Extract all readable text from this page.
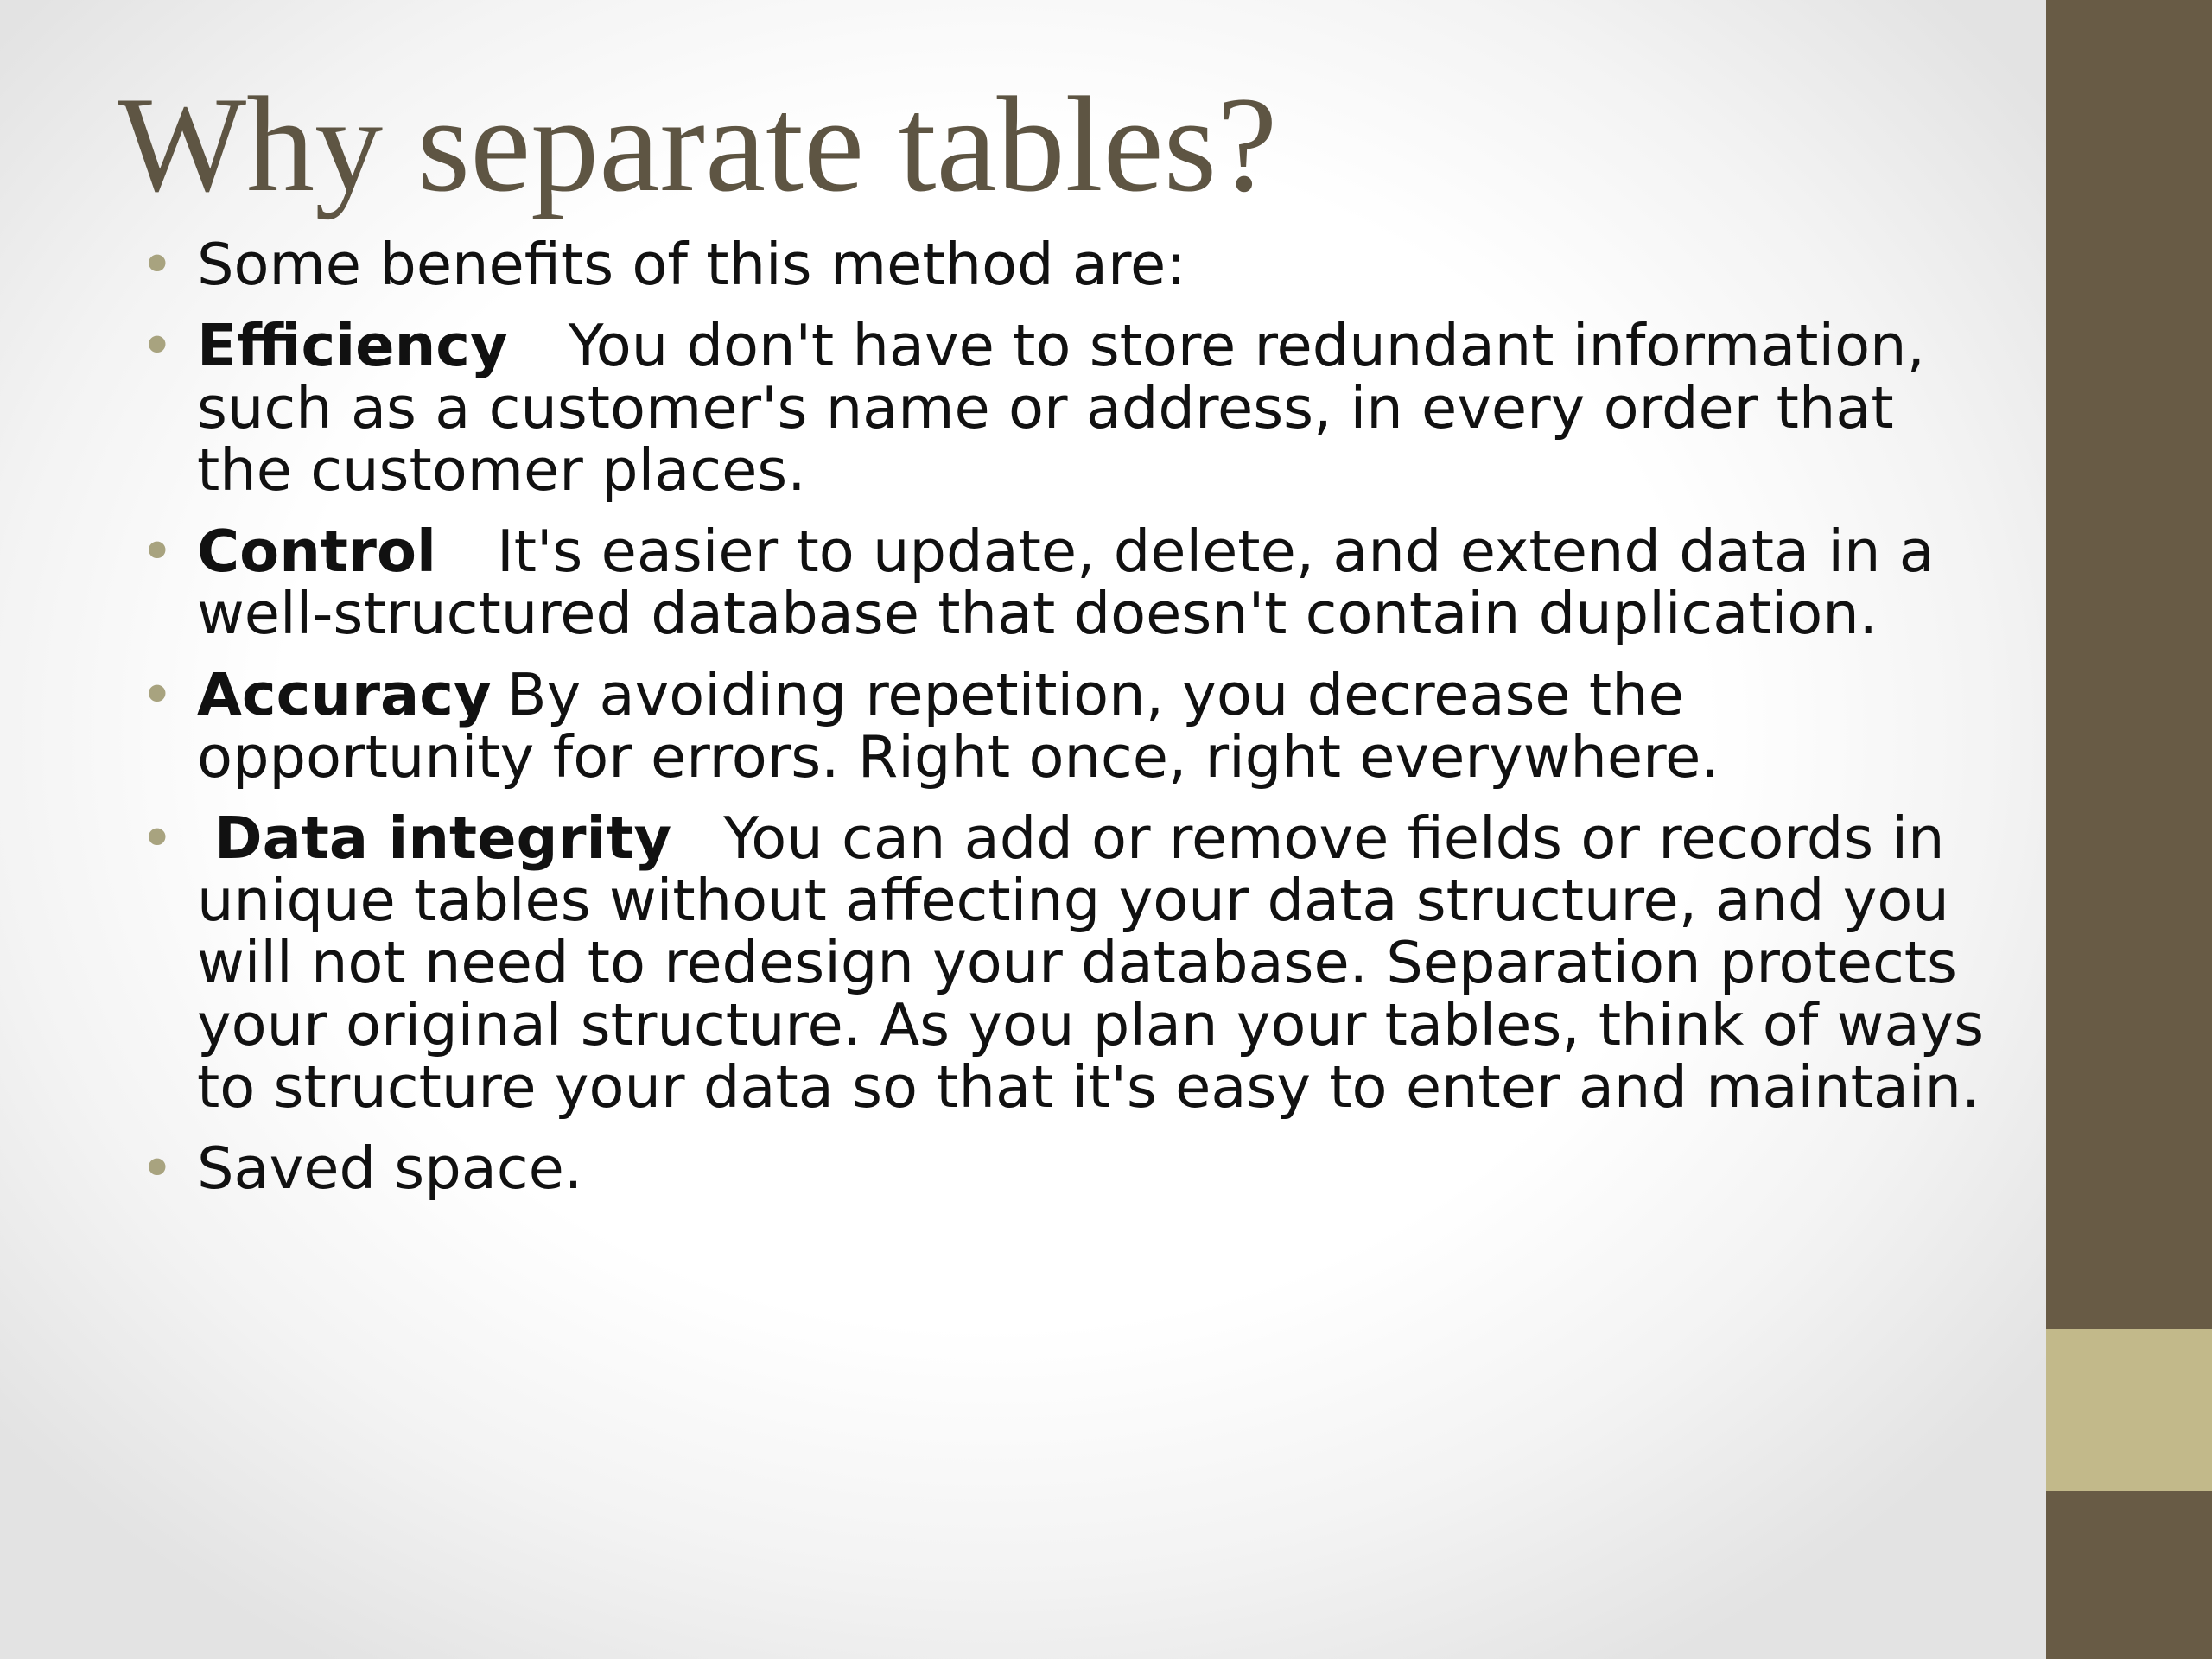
Why separate tables?
• Some benefits of this method are:
• Efficiency You don't have to store redundant information, such as a customer's name or address, in every order that the customer places.
• Control It's easier to update, delete, and extend data in a well-structured database that doesn't contain duplication.
• Accuracy By avoiding repetition, you decrease the opportunity for errors. Right once, right everywhere.
• Data integrity You can add or remove fields or records in unique tables without affecting your data structure, and you will not need to redesign your database. Separation protects your original structure. As you plan your tables, think of ways to structure your data so that it's easy to enter and maintain.
• Saved space.
